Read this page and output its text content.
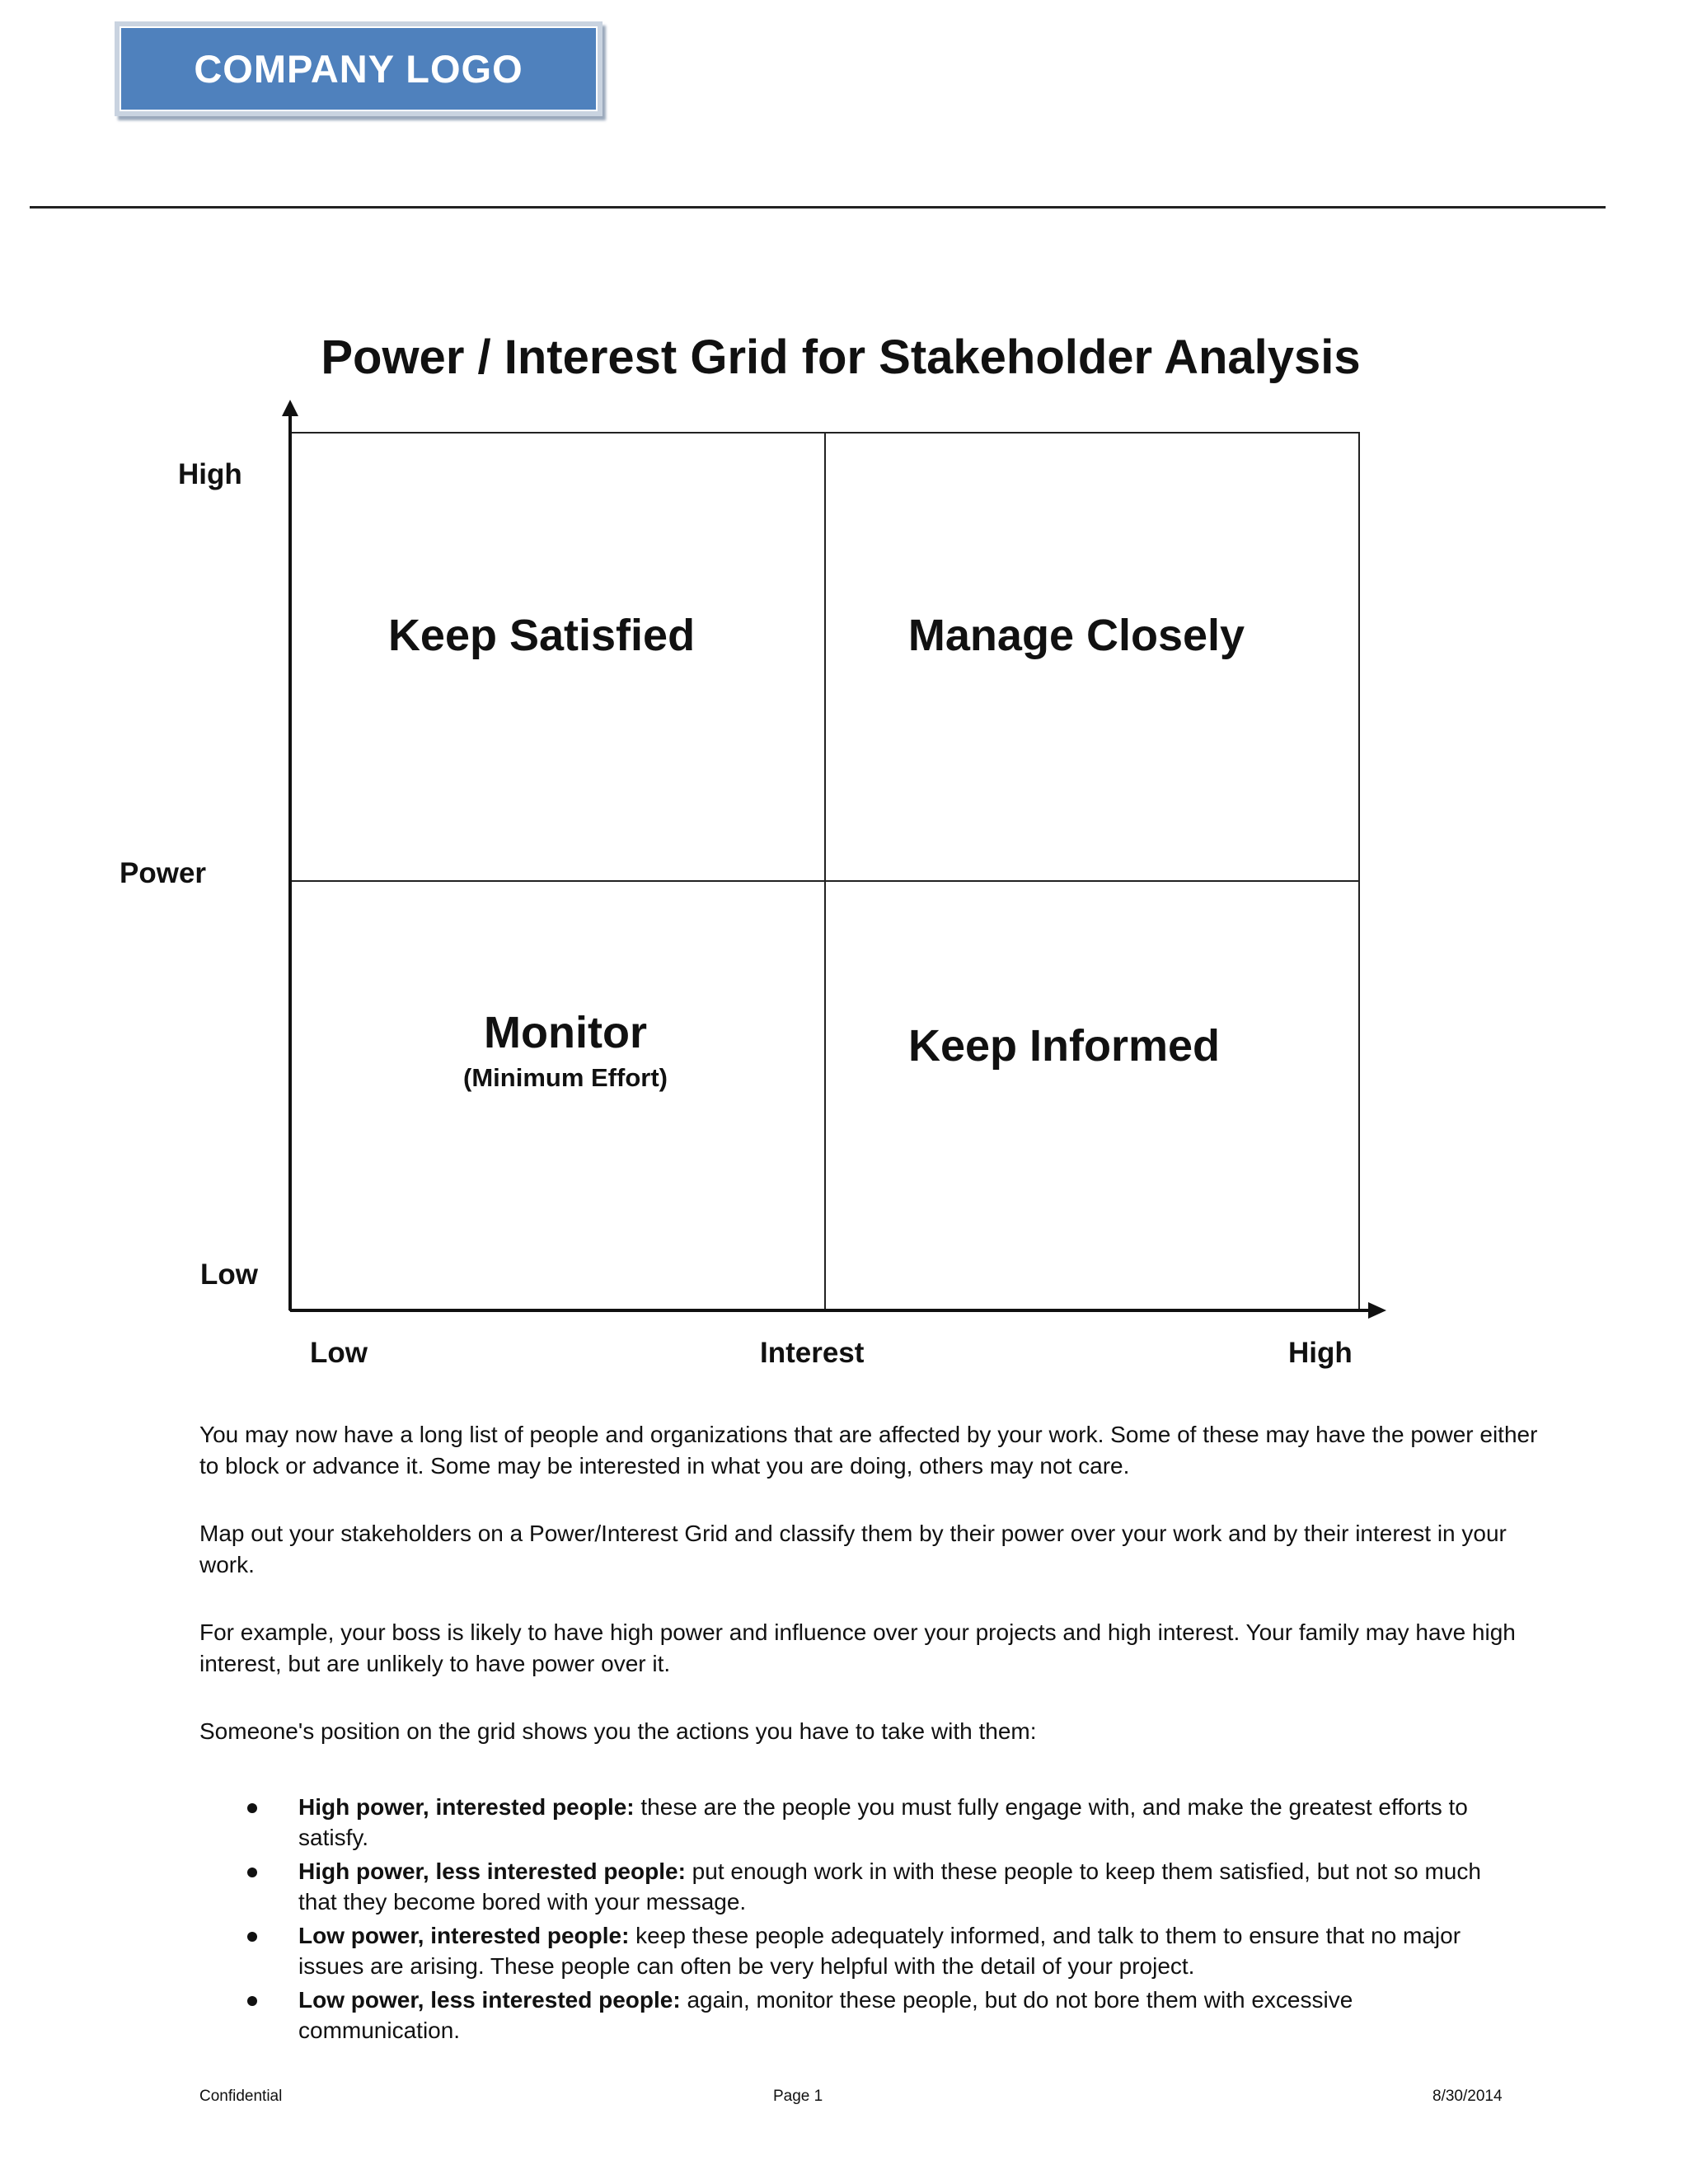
COMPANY LOGO
Power / Interest Grid for Stakeholder Analysis
High
Power
Low
Low	Interest	High
Keep Satisfied	Manage Closely
Monitor
(Minimum Effort)
Keep Informed

You may now have a long list of people and organizations that are affected by your work. Some of these may have the power either to block or advance it. Some may be interested in what you are doing, others may not care.

Map out your stakeholders on a Power/Interest Grid and classify them by their power over your work and by their interest in your work.

For example, your boss is likely to have high power and influence over your projects and high interest. Your family may have high interest, but are unlikely to have power over it.

Someone's position on the grid shows you the actions you have to take with them:

High power, interested people: these are the people you must fully engage with, and make the greatest efforts to satisfy.
High power, less interested people: put enough work in with these people to keep them satisfied, but not so much that they become bored with your message.
Low power, interested people: keep these people adequately informed, and talk to them to ensure that no major issues are arising. These people can often be very helpful with the detail of your project.
Low power, less interested people: again, monitor these people, but do not bore them with excessive communication.
Confidential	Page 1	8/30/2014
